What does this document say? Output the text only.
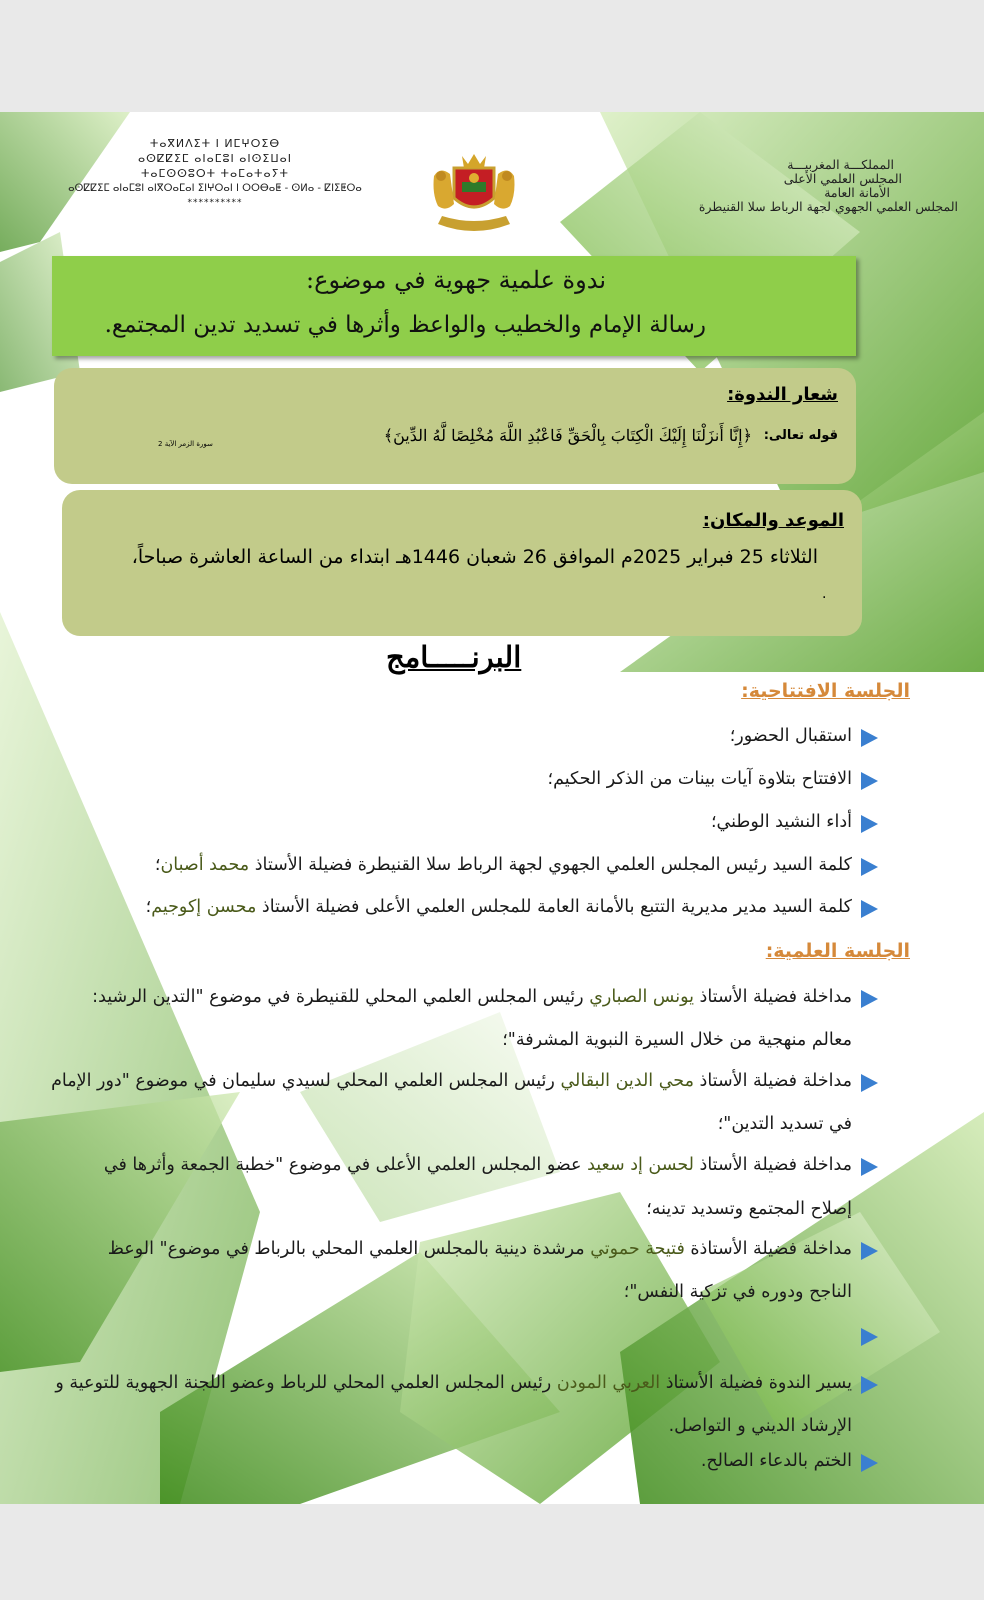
المملكـــة المغربيـــة
المجلس العلمي الأعلى
الأمانة العامة
المجلس العلمي الجهوي لجهة الرباط سلا القنيطرة
ⵜⴰⴳⵍⴷⵉⵜ ⵏ ⵍⵎⵖⵔⵉⴱ
ⴰⵙⵇⵇⵉⵎ ⴰⵏⴰⵎⵓⵏ ⴰⵏⵙⵉⵡⴰⵏ
ⵜⴰⵎⵙⵙⵓⵔⵜ ⵜⴰⵎⴰⵜⴰⵢⵜ
ⴰⵙⵇⵇⵉⵎ ⴰⵏⴰⵎⵓⵏ ⴰⵏⴳⵔⴰⵎⴰⵏ ⵉⵏⵖⵔⴰⵏ ⵏ ⵔⵔⴱⴰⵟ - ⵙⵍⴰ - ⵇⵏⵉⵟⵔⴰ
**********
ندوة علمية جهوية في موضوع:
رسالة الإمام والخطيب والواعظ وأثرها في تسديد تدين المجتمع.
شعار الندوة:
قوله تعالى:
﴿إِنَّا أَنزَلْنَا إِلَيْكَ الْكِتَابَ بِالْحَقِّ فَاعْبُدِ اللَّهَ مُخْلِصًا لَّهُ الدِّينَ﴾
سورة الزمر الآية 2
الموعد والمكان:
الثلاثاء 25 فبراير 2025م الموافق 26 شعبان 1446هـ ابتداء من الساعة العاشرة صباحاً،
.
البرنـــــامج
الجلسة الافتتاحية:
استقبال الحضور؛
الافتتاح بتلاوة آيات بينات من الذكر الحكيم؛
أداء النشيد الوطني؛
كلمة السيد رئيس المجلس العلمي الجهوي لجهة الرباط سلا القنيطرة فضيلة الأستاذ محمد أصبان؛
كلمة السيد مدير مديرية التتبع بالأمانة العامة للمجلس العلمي الأعلى فضيلة الأستاذ محسن إكوجيم؛
الجلسة العلمية:
مداخلة فضيلة الأستاذ يونس الصباري رئيس المجلس العلمي المحلي للقنيطرة في موضوع "التدين الرشيد:
معالم منهجية من خلال السيرة النبوية المشرفة"؛
مداخلة فضيلة الأستاذ محي الدين البقالي رئيس المجلس العلمي المحلي لسيدي سليمان في موضوع "دور الإمام
في تسديد التدين"؛
مداخلة فضيلة الأستاذ لحسن إد سعيد عضو المجلس العلمي الأعلى في موضوع "خطبة الجمعة وأثرها في
إصلاح المجتمع وتسديد تدينه؛
مداخلة فضيلة الأستاذة فتيحة حموتي مرشدة دينية بالمجلس العلمي المحلي بالرباط في موضوع" الوعظ
الناجح ودوره في تزكية النفس"؛
يسير الندوة فضيلة الأستاذ العربي المودن رئيس المجلس العلمي المحلي للرباط وعضو اللجنة الجهوية للتوعية و
الإرشاد الديني و التواصل.
الختم بالدعاء الصالح.
